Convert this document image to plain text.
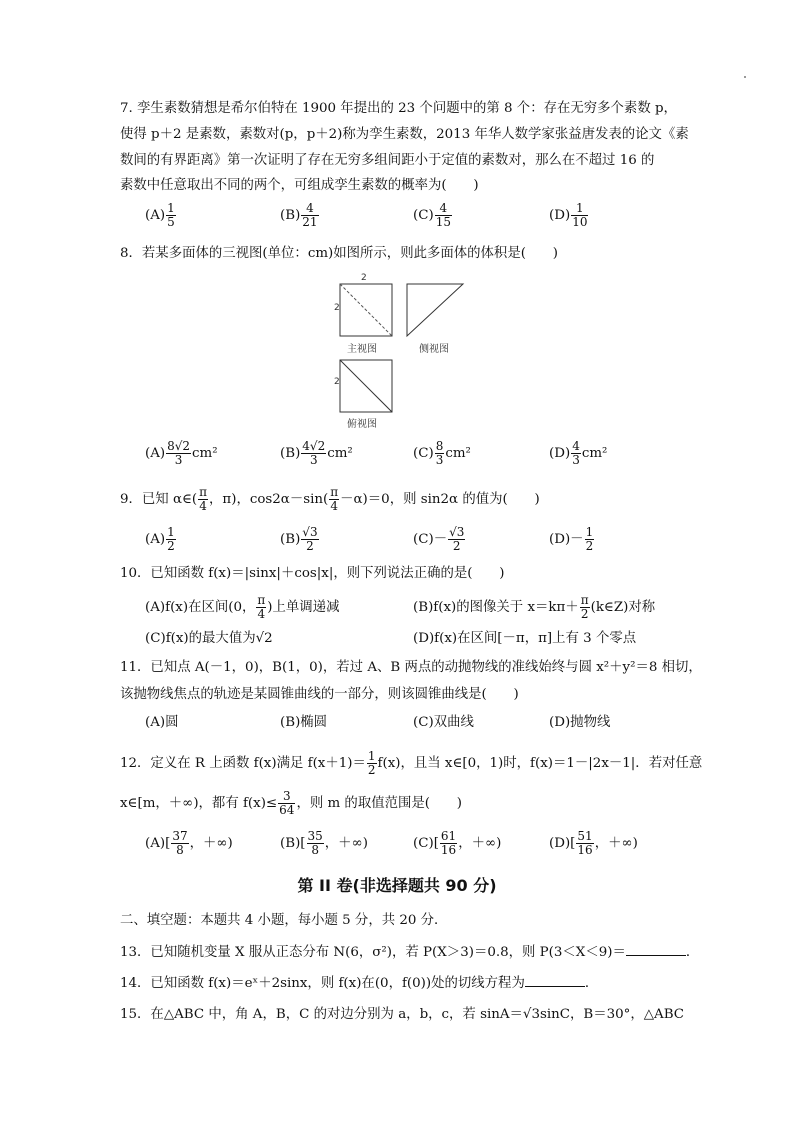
7. 孪生素数猜想是希尔伯特在 1900 年提出的 23 个问题中的第 8 个：存在无穷多个素数 p，
使得 p＋2 是素数，素数对(p，p＋2)称为孪生素数，2013 年华人数学家张益唐发表的论文《素
数间的有界距离》第一次证明了存在无穷多组间距小于定值的素数对，那么在不超过 16 的
素数中任意取出不同的两个，可组成孪生素数的概率为(　　)
$(A) \frac{1}{5}$	$(B) \frac{4}{21}$	$(C) \frac{4}{15}$	$(D) \frac{1}{10}$
8．若某多面体的三视图(单位：cm)如图所示，则此多面体的体积是(　　)
2
2
2
主视图	侧视图
俯视图
$(A) \frac{8√2}{3} cm^2$	$(B) \frac{4√2}{3} cm^2$	$(C) \frac{8}{3} cm^2$	$(D) \frac{4}{3} cm^2$
9．已知 α∈( $\frac{\pi}{4}$ ，π)，$\cos 2\alpha-\sin( \frac{\pi}{4} -\alpha)=0$，则 sin2α 的值为(　　)
$(A) \frac{1}{2}$	$(B) \frac{√3}{2}$	$(C)- \frac{√3}{2}$	$(D)- \frac{1}{2}$
10．已知函数 f(x)＝|sinx|＋cos|x|，则下列说法正确的是(　　)
(A)f(x)在区间(0， $\frac{\pi}{4}$ )上单调递减	(B)f(x)的图像关于 $x=k\pi+ \frac{\pi}{2}$ (k∈Z)对称
(C)f(x)的最大值为√2	(D)f(x)在区间[－π，π]上有 3 个零点
11．已知点 A(－1，0)，B(1，0)，若过 A、B 两点的动抛物线的准线始终与圆 x²＋y²＝8 相切，
该抛物线焦点的轨迹是某圆锥曲线的一部分，则该圆锥曲线是(　　)
(A)圆	(B)椭圆	(C)双曲线	(D)抛物线
12．定义在 R 上函数 f(x)满足 $f(x+1)= \frac{1}{2} f(x)$，且当 x∈[0，1)时，f(x)＝1－|2x－1|．若对任意
x∈[m，＋∞)，都有 $f(x)\le \frac{3}{64}$ ，则 m 的取值范围是(　　)
$(A)[ \frac{37}{8}$ ，＋∞)	$(B)[ \frac{35}{8}$ ，＋∞)	$(C)[ \frac{61}{16}$ ，＋∞)	$(D)[ \frac{51}{16}$ ，＋∞)
第 II 卷(非选择题共 90 分)
二、填空题：本题共 4 小题，每小题 5 分，共 20 分．
13．已知随机变量 X 服从正态分布 N(6，σ²)，若 P(X＞3)＝0.8，则 P(3＜X＜9)＝	．
14．已知函数 f(x)＝eˣ＋2sinx，则 f(x)在(0，f(0))处的切线方程为	．
15．在△ABC 中，角 A，B，C 的对边分别为 a，b，c，若 sinA＝√3sinC，B＝30°，△ABC
